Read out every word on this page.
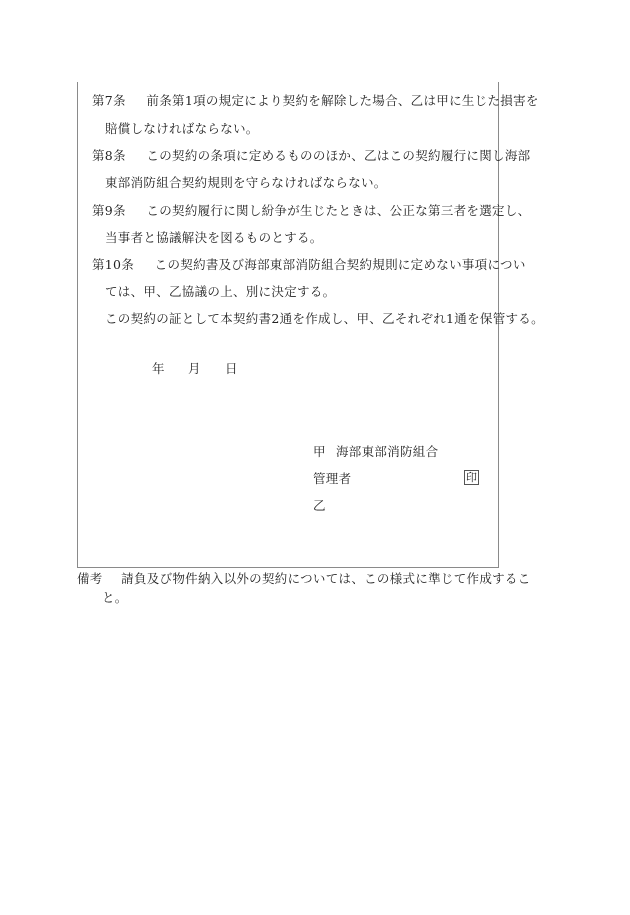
第7条 前条第1項の規定により契約を解除した場合、乙は甲に生じた損害を
賠償しなければならない。
第8条 この契約の条項に定めるもののほか、乙はこの契約履行に関し海部
東部消防組合契約規則を守らなければならない。
第9条 この契約履行に関し紛争が生じたときは、公正な第三者を選定し、
当事者と協議解決を図るものとする。
第10条 この契約書及び海部東部消防組合契約規則に定めない事項につい
ては、甲、乙協議の上、別に決定する。
この契約の証として本契約書2通を作成し、甲、乙それぞれ1通を保管する。
年 月 日
甲 海部東部消防組合
管理者	印
乙
備考 請負及び物件納入以外の契約については、この様式に準じて作成するこ
と。
